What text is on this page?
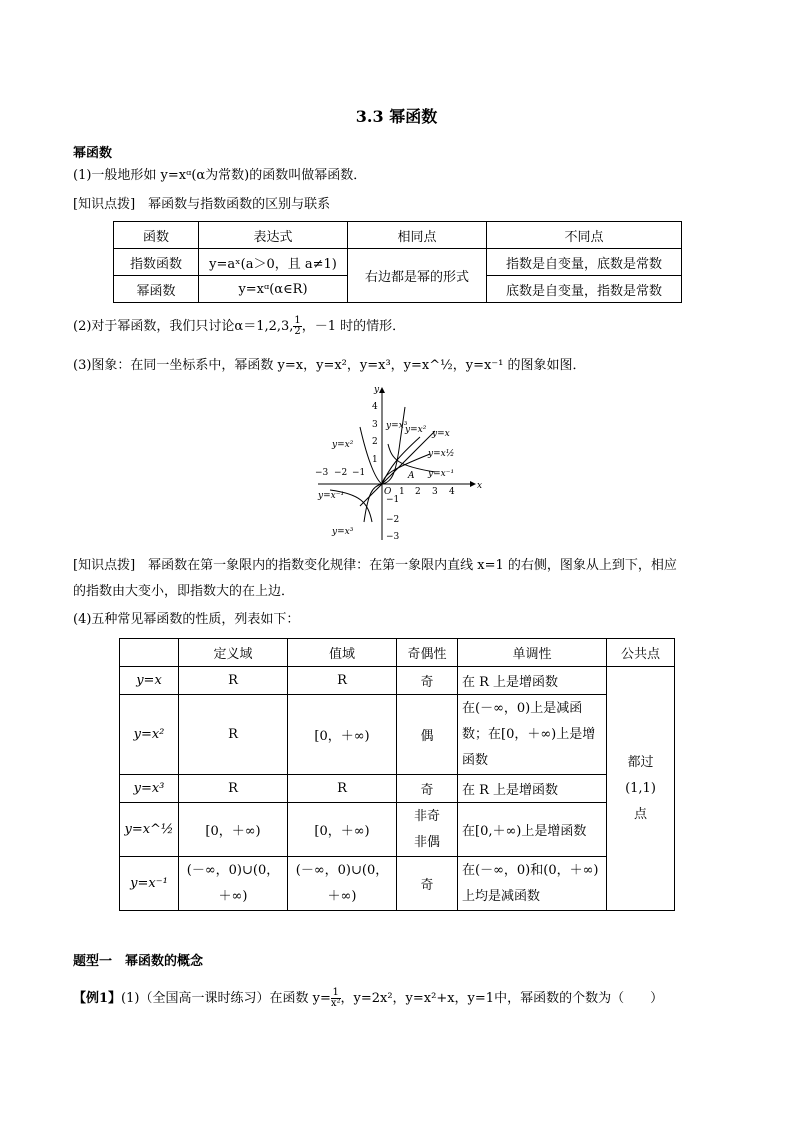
3.3 幂函数
幂函数
(1)一般地形如 y=xᵅ(α为常数)的函数叫做幂函数．
[知识点拨]　幂函数与指数函数的区别与联系
函数	表达式	相同点	不同点
指数函数	y=aˣ(a＞0，且 a≠1)	右边都是幂的形式	指数是自变量，底数是常数
幂函数	y=xᵅ(α∈R)		底数是自变量，指数是常数
(2)对于幂函数，我们只讨论α＝1,2,3, $\frac{1}{2}$ ，－1 时的情形．
(3)图象：在同一坐标系中，幂函数 y=x，y=x²，y=x³，y=x^½，y=x⁻¹ 的图象如图．
−3 −2 −1
1 2 3 4
x
4
3
2
1
−1
−2
−3
y
O
A
y=x²
y=x³
y=x² y=x
y=x½
y=x⁻¹
y=x⁻¹
y=x³
[知识点拨]　幂函数在第一象限内的指数变化规律：在第一象限内直线 x=1 的右侧，图象从上到下，相应
的指数由大变小，即指数大的在上边．
(4)五种常见幂函数的性质，列表如下：
	定义域	值域	奇偶性	单调性	公共点
y=x	R	R	奇	在 R 上是增函数	都过(1,1)点
y=x²	R	[0，＋∞)	偶	在(－∞，0)上是减函数；在[0，＋∞)上是增函数	
y=x³	R	R	奇	在 R 上是增函数	
y=x^½	[0，＋∞)	[0，＋∞)	非奇非偶	在[0,＋∞)上是增函数	
y=x⁻¹	(－∞，0)∪(0，＋∞)	(－∞，0)∪(0，＋∞)	奇	在(－∞，0)和(0，＋∞)上均是减函数	
题型一　幂函数的概念
【例1】(1)（全国高一课时练习）在函数 $y= \frac{1}{\text{x²}}$ ，y=2x²，y=x²+x，y=1中，幂函数的个数为（　　）
